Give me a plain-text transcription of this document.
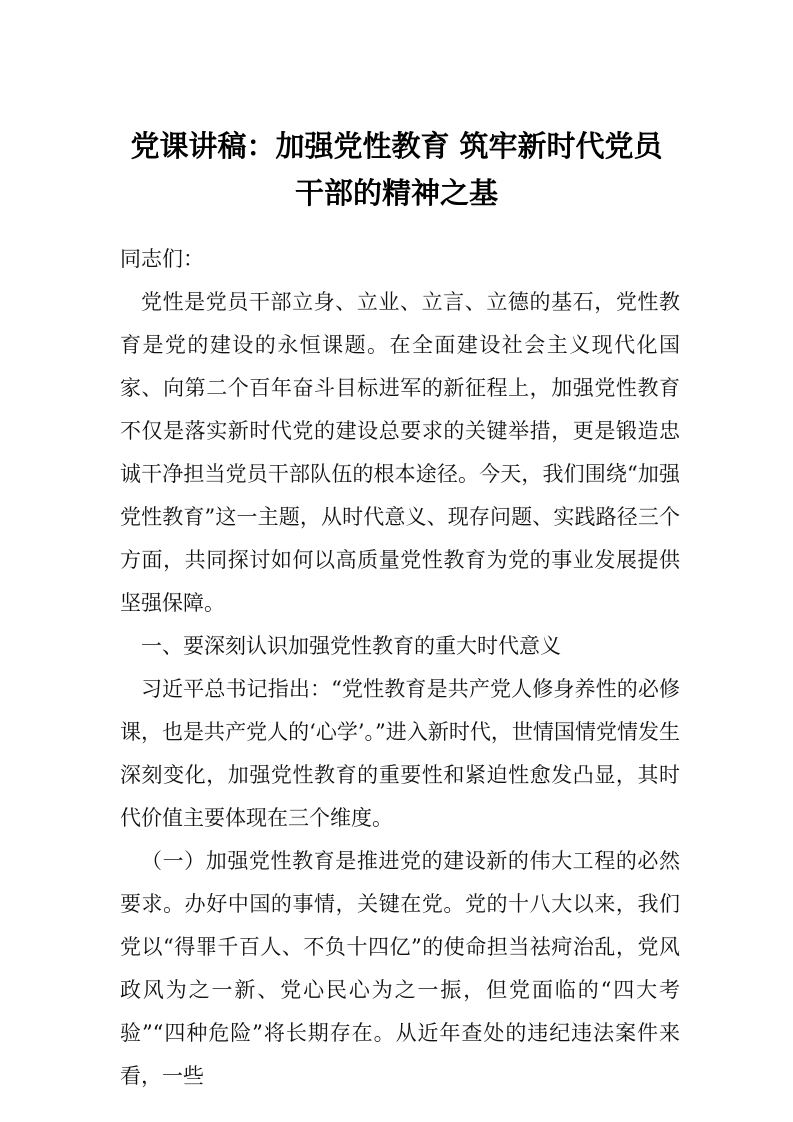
党课讲稿：加强党性教育 筑牢新时代党员
干部的精神之基

同志们：

党性是党员干部立身、立业、立言、立德的基石，党性教育是党的建设的永恒课题。在全面建设社会主义现代化国家、向第二个百年奋斗目标进军的新征程上，加强党性教育不仅是落实新时代党的建设总要求的关键举措，更是锻造忠诚干净担当党员干部队伍的根本途径。今天，我们围绕“加强党性教育”这一主题，从时代意义、现存问题、实践路径三个方面，共同探讨如何以高质量党性教育为党的事业发展提供坚强保障。

一、要深刻认识加强党性教育的重大时代意义

习近平总书记指出：“党性教育是共产党人修身养性的必修课，也是共产党人的‘心学’。”进入新时代，世情国情党情发生深刻变化，加强党性教育的重要性和紧迫性愈发凸显，其时代价值主要体现在三个维度。

（一）加强党性教育是推进党的建设新的伟大工程的必然要求。办好中国的事情，关键在党。党的十八大以来，我们党以“得罪千百人、不负十四亿”的使命担当祛疴治乱，党风政风为之一新、党心民心为之一振，但党面临的“四大考验”“四种危险”将长期存在。从近年查处的违纪违法案件来看，一些
